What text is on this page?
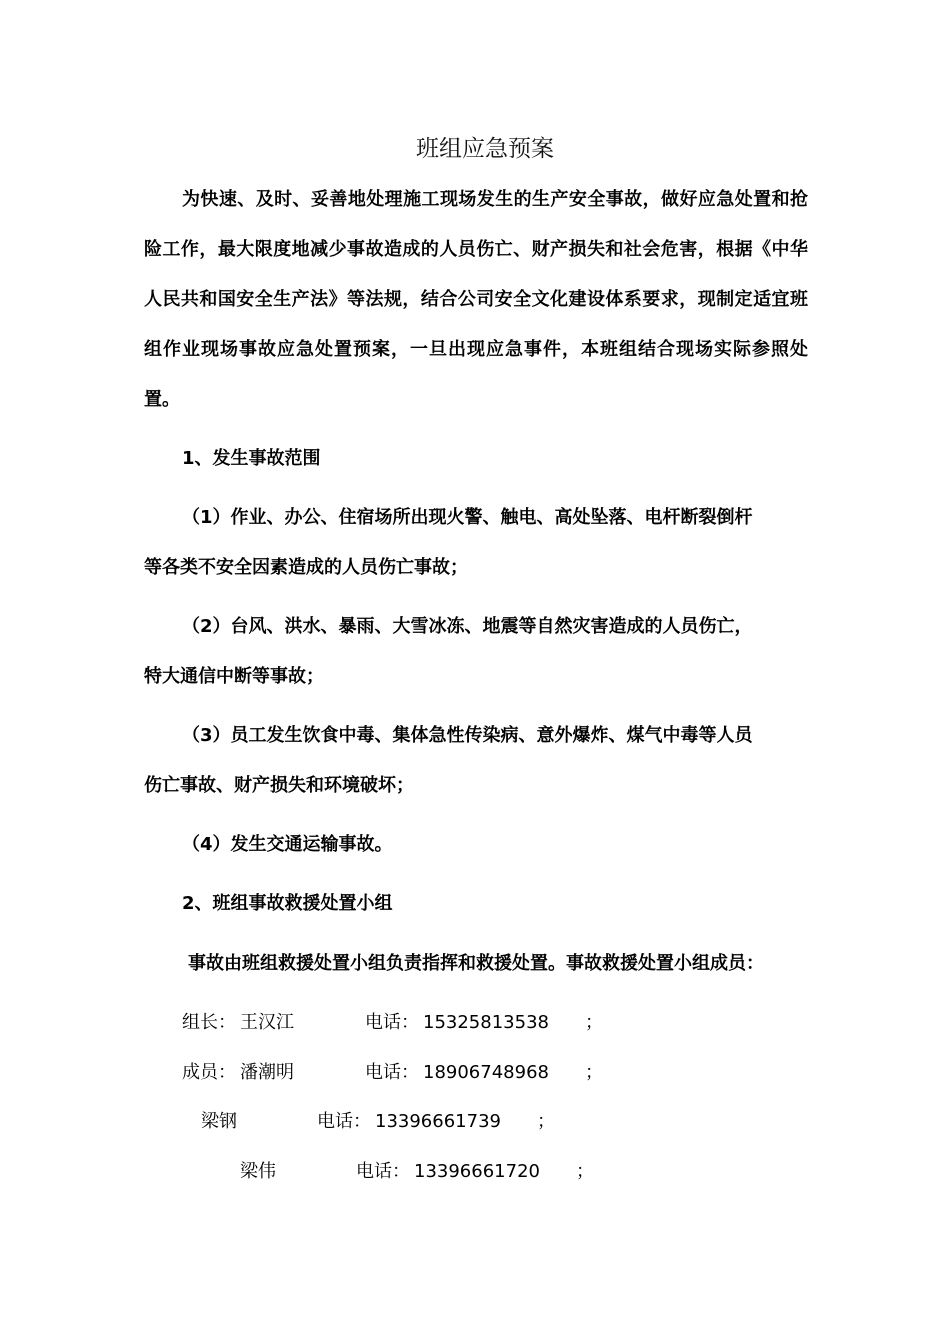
班组应急预案
为快速、及时、妥善地处理施工现场发生的生产安全事故，做好应急处置和抢险工作，最大限度地减少事故造成的人员伤亡、财产损失和社会危害，根据《中华人民共和国安全生产法》等法规，结合公司安全文化建设体系要求，现制定适宜班组作业现场事故应急处置预案，一旦出现应急事件，本班组结合现场实际参照处置。
1、发生事故范围
（1）作业、办公、住宿场所出现火警、触电、高处坠落、电杆断裂倒杆
等各类不安全因素造成的人员伤亡事故；
（2）台风、洪水、暴雨、大雪冰冻、地震等自然灾害造成的人员伤亡，
特大通信中断等事故；
（3）员工发生饮食中毒、集体急性传染病、意外爆炸、煤气中毒等人员
伤亡事故、财产损失和环境破坏；
（4）发生交通运输事故。
2、班组事故救援处置小组
事故由班组救援处置小组负责指挥和救援处置。事故救援处置小组成员：
组长： 王汉江	电话： 15325813538 ；
成员： 潘潮明	电话： 18906748968 ；
梁钢	电话： 13396661739 ；
梁伟	电话： 13396661720 ；
